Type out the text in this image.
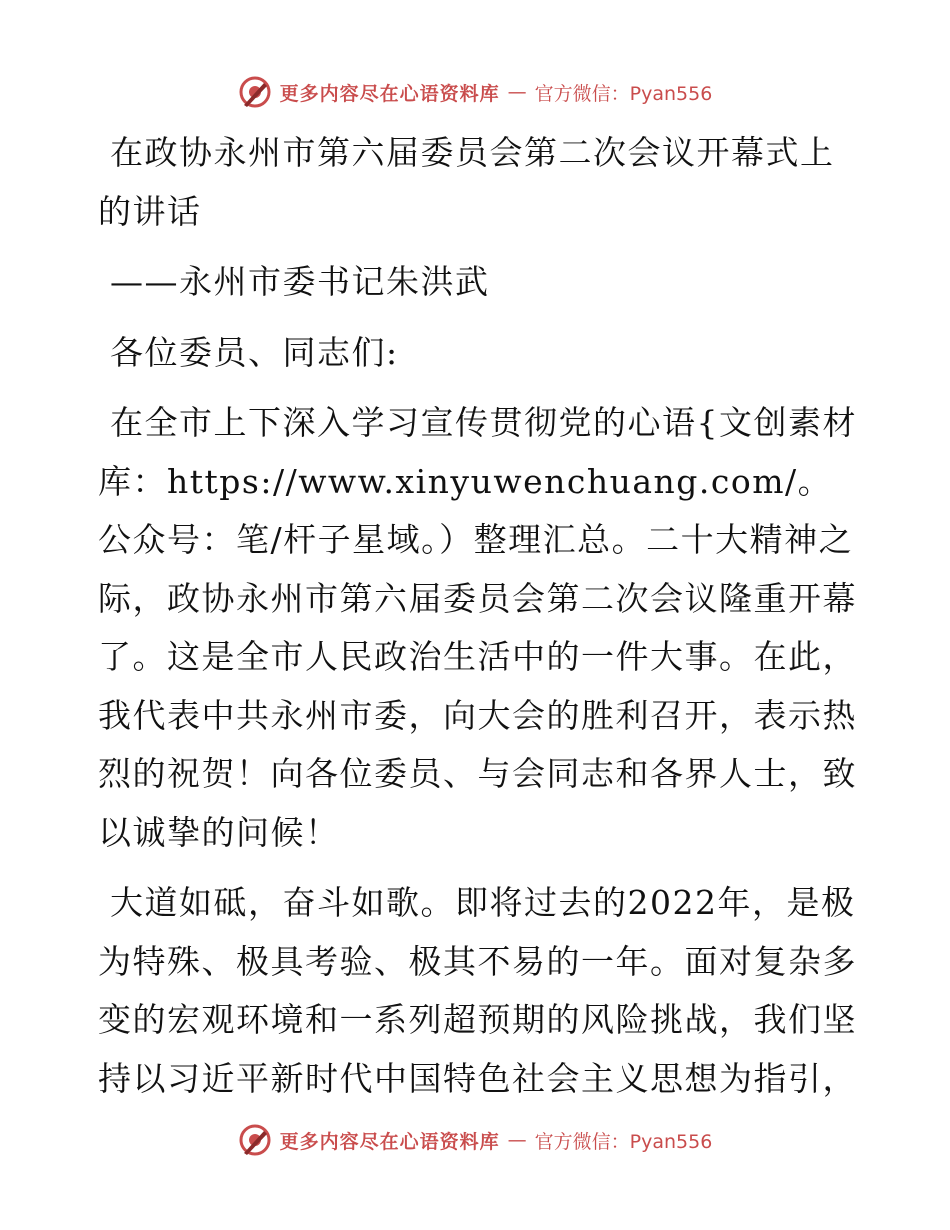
更多内容尽在心语资料库 — 官方微信：Pyan556

在政协永州市第六届委员会第二次会议开幕式上的讲话

——永州市委书记朱洪武

各位委员、同志们:

在全市上下深入学习宣传贯彻党的心语{文创素材库：https://www.xinyuwenchuang.com/。公众号：笔/杆子星域。）整理汇总。二十大精神之际，政协永州市第六届委员会第二次会议隆重开幕了。这是全市人民政治生活中的一件大事。在此，我代表中共永州市委，向大会的胜利召开，表示热烈的祝贺！向各位委员、与会同志和各界人士，致以诚挚的问候！

大道如砥，奋斗如歌。即将过去的2022年，是极为特殊、极具考验、极其不易的一年。面对复杂多变的宏观环境和一系列超预期的风险挑战，我们坚持以习近平新时代中国特色社会主义思想为指引，

更多内容尽在心语资料库 — 官方微信：Pyan556
